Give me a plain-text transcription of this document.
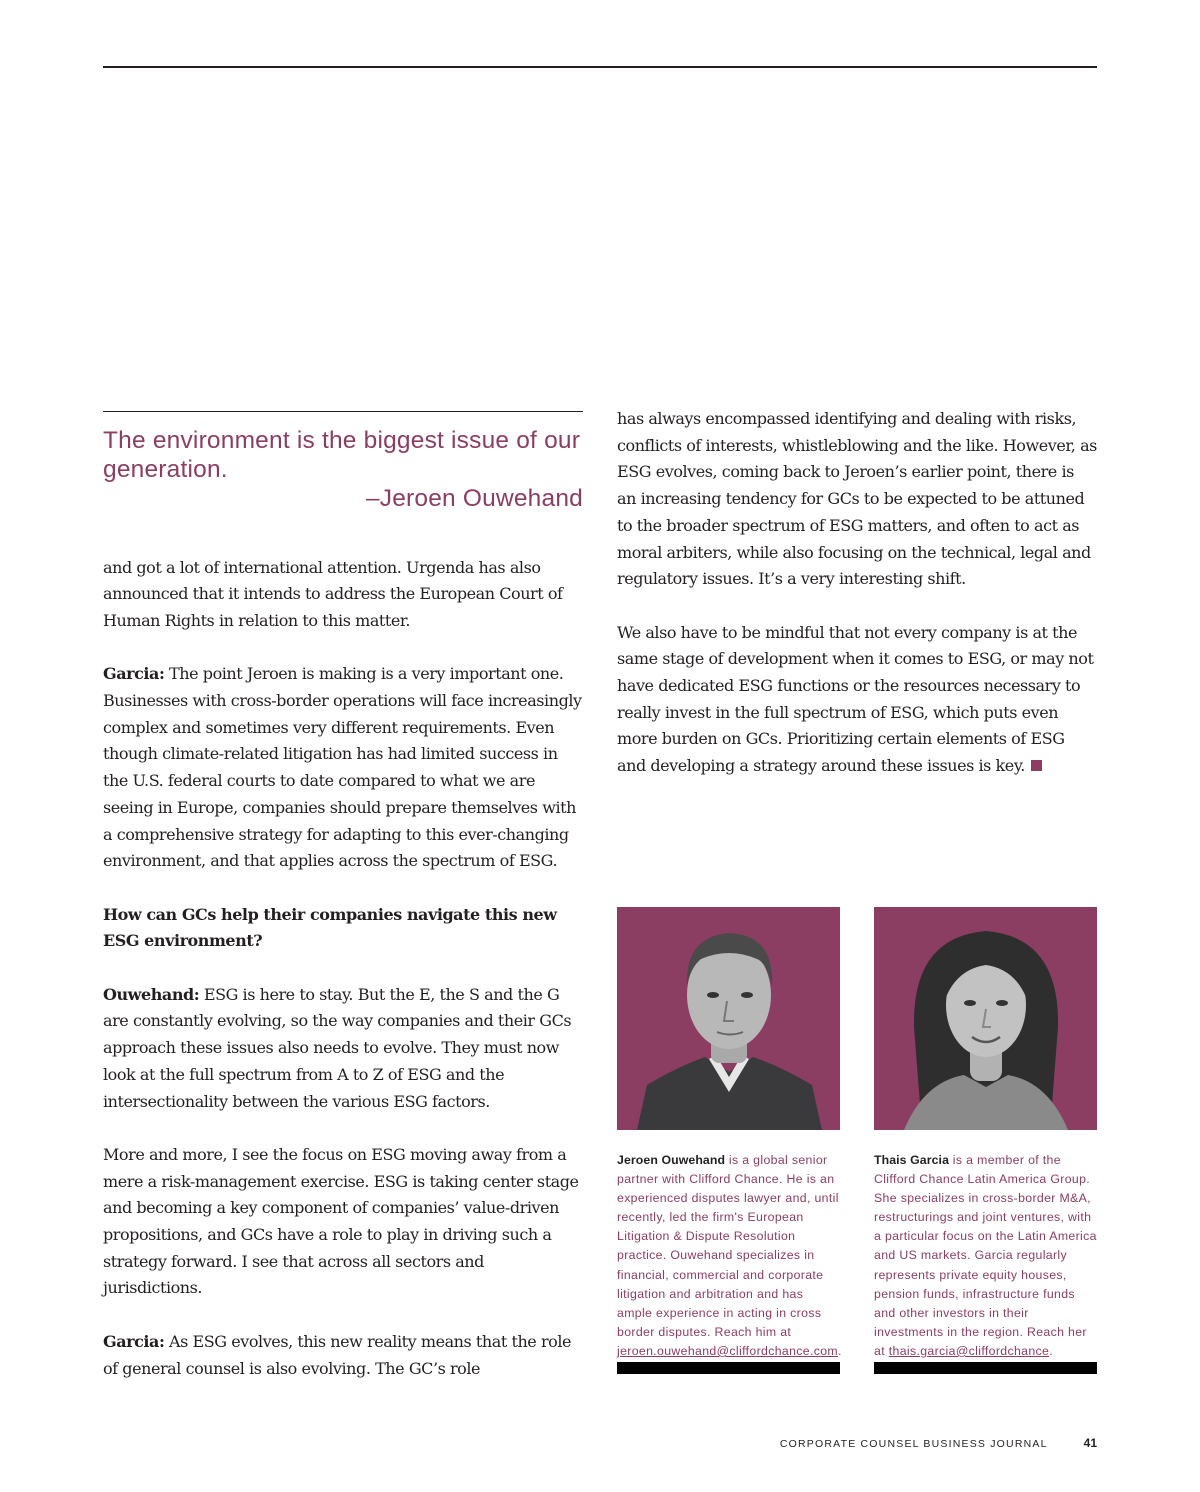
The environment is the biggest issue of our generation.
–Jeroen Ouwehand

and got a lot of international attention. Urgenda has also announced that it intends to address the European Court of Human Rights in relation to this matter.

Garcia: The point Jeroen is making is a very important one. Businesses with cross-border operations will face increasingly complex and sometimes very different requirements. Even though climate-related litigation has had limited success in the U.S. federal courts to date compared to what we are seeing in Europe, companies should prepare themselves with a comprehensive strategy for adapting to this ever-changing environment, and that applies across the spectrum of ESG.

How can GCs help their companies navigate this new ESG environment?

Ouwehand: ESG is here to stay. But the E, the S and the G are constantly evolving, so the way companies and their GCs approach these issues also needs to evolve. They must now look at the full spectrum from A to Z of ESG and the intersectionality between the various ESG factors.

More and more, I see the focus on ESG moving away from a mere a risk-management exercise. ESG is taking center stage and becoming a key component of companies’ value-driven propositions, and GCs have a role to play in driving such a strategy forward. I see that across all sectors and jurisdictions.

Garcia: As ESG evolves, this new reality means that the role of general counsel is also evolving. The GC’s role

has always encompassed identifying and dealing with risks, conflicts of interests, whistleblowing and the like. However, as ESG evolves, coming back to Jeroen’s earlier point, there is an increasing tendency for GCs to be expected to be attuned to the broader spectrum of ESG matters, and often to act as moral arbiters, while also focusing on the technical, legal and regulatory issues. It’s a very interesting shift.

We also have to be mindful that not every company is at the same stage of development when it comes to ESG, or may not have dedicated ESG functions or the resources necessary to really invest in the full spectrum of ESG, which puts even more burden on GCs. Prioritizing certain elements of ESG and developing a strategy around these issues is key.

Jeroen Ouwehand is a global senior partner with Clifford Chance. He is an experienced disputes lawyer and, until recently, led the firm's European Litigation & Dispute Resolution practice. Ouwehand specializes in financial, commercial and corporate litigation and arbitration and has ample experience in acting in cross border disputes. Reach him at jeroen.ouwehand@cliffordchance.com.
Thais Garcia is a member of the Clifford Chance Latin America Group. She specializes in cross-border M&A, restructurings and joint ventures, with a particular focus on the Latin America and US markets. Garcia regularly represents private equity houses, pension funds, infrastructure funds and other investors in their investments in the region. Reach her at thais.garcia@cliffordchance.
CORPORATE COUNSEL BUSINESS JOURNAL	41
